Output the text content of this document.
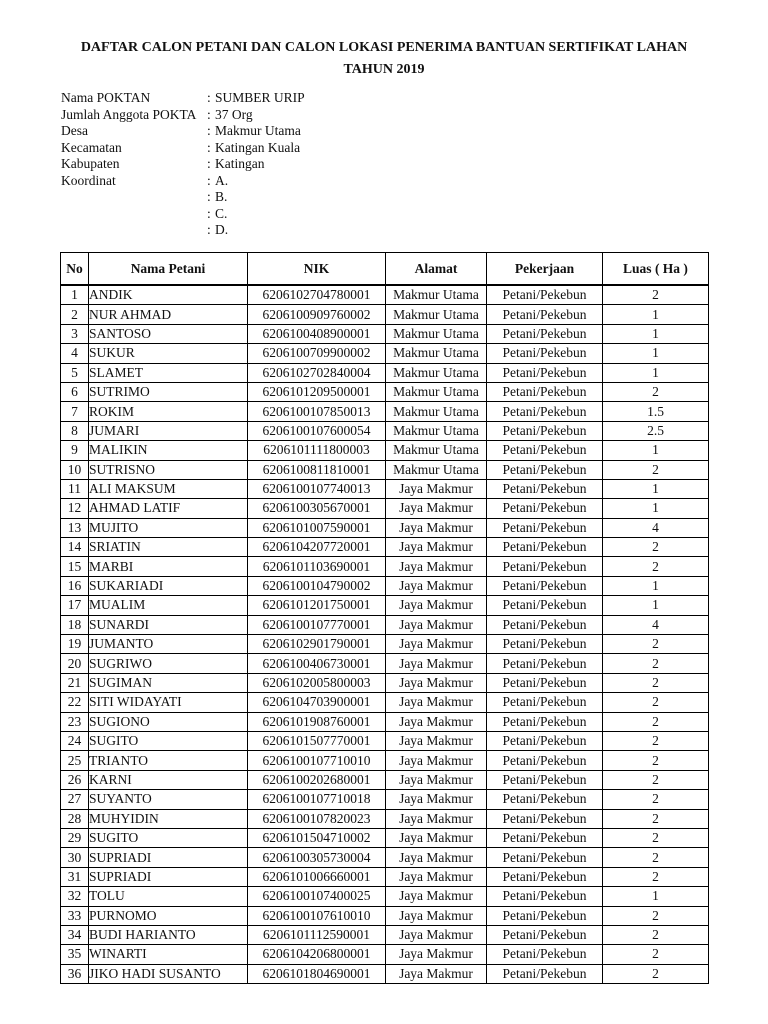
DAFTAR CALON PETANI DAN CALON LOKASI PENERIMA BANTUAN SERTIFIKAT LAHAN
TAHUN 2019
Nama POKTAN	: SUMBER URIP
Jumlah Anggota POKTA : 37 Org
Desa	: Makmur Utama
Kecamatan	: Katingan Kuala
Kabupaten	: Katingan
Koordinat	: A.
: B.
: C.
: D.
No	Nama Petani	NIK	Alamat	Pekerjaan	Luas ( Ha )
1	ANDIK	6206102704780001	Makmur Utama	Petani/Pekebun	2
2	NUR AHMAD	6206100909760002	Makmur Utama	Petani/Pekebun	1
3	SANTOSO	6206100408900001	Makmur Utama	Petani/Pekebun	1
4	SUKUR	6206100709900002	Makmur Utama	Petani/Pekebun	1
5	SLAMET	6206102702840004	Makmur Utama	Petani/Pekebun	1
6	SUTRIMO	6206101209500001	Makmur Utama	Petani/Pekebun	2
7	ROKIM	6206100107850013	Makmur Utama	Petani/Pekebun	1.5
8	JUMARI	6206100107600054	Makmur Utama	Petani/Pekebun	2.5
9	MALIKIN	6206101111800003	Makmur Utama	Petani/Pekebun	1
10	SUTRISNO	6206100811810001	Makmur Utama	Petani/Pekebun	2
11	ALI MAKSUM	6206100107740013	Jaya Makmur	Petani/Pekebun	1
12	AHMAD LATIF	6206100305670001	Jaya Makmur	Petani/Pekebun	1
13	MUJITO	6206101007590001	Jaya Makmur	Petani/Pekebun	4
14	SRIATIN	6206104207720001	Jaya Makmur	Petani/Pekebun	2
15	MARBI	6206101103690001	Jaya Makmur	Petani/Pekebun	2
16	SUKARIADI	6206100104790002	Jaya Makmur	Petani/Pekebun	1
17	MUALIM	6206101201750001	Jaya Makmur	Petani/Pekebun	1
18	SUNARDI	6206100107770001	Jaya Makmur	Petani/Pekebun	4
19	JUMANTO	6206102901790001	Jaya Makmur	Petani/Pekebun	2
20	SUGRIWO	6206100406730001	Jaya Makmur	Petani/Pekebun	2
21	SUGIMAN	6206102005800003	Jaya Makmur	Petani/Pekebun	2
22	SITI WIDAYATI	6206104703900001	Jaya Makmur	Petani/Pekebun	2
23	SUGIONO	6206101908760001	Jaya Makmur	Petani/Pekebun	2
24	SUGITO	6206101507770001	Jaya Makmur	Petani/Pekebun	2
25	TRIANTO	6206100107710010	Jaya Makmur	Petani/Pekebun	2
26	KARNI	6206100202680001	Jaya Makmur	Petani/Pekebun	2
27	SUYANTO	6206100107710018	Jaya Makmur	Petani/Pekebun	2
28	MUHYIDIN	6206100107820023	Jaya Makmur	Petani/Pekebun	2
29	SUGITO	6206101504710002	Jaya Makmur	Petani/Pekebun	2
30	SUPRIADI	6206100305730004	Jaya Makmur	Petani/Pekebun	2
31	SUPRIADI	6206101006660001	Jaya Makmur	Petani/Pekebun	2
32	TOLU	6206100107400025	Jaya Makmur	Petani/Pekebun	1
33	PURNOMO	6206100107610010	Jaya Makmur	Petani/Pekebun	2
34	BUDI HARIANTO	6206101112590001	Jaya Makmur	Petani/Pekebun	2
35	WINARTI	6206104206800001	Jaya Makmur	Petani/Pekebun	2
36	JIKO HADI SUSANTO	6206101804690001	Jaya Makmur	Petani/Pekebun	2
